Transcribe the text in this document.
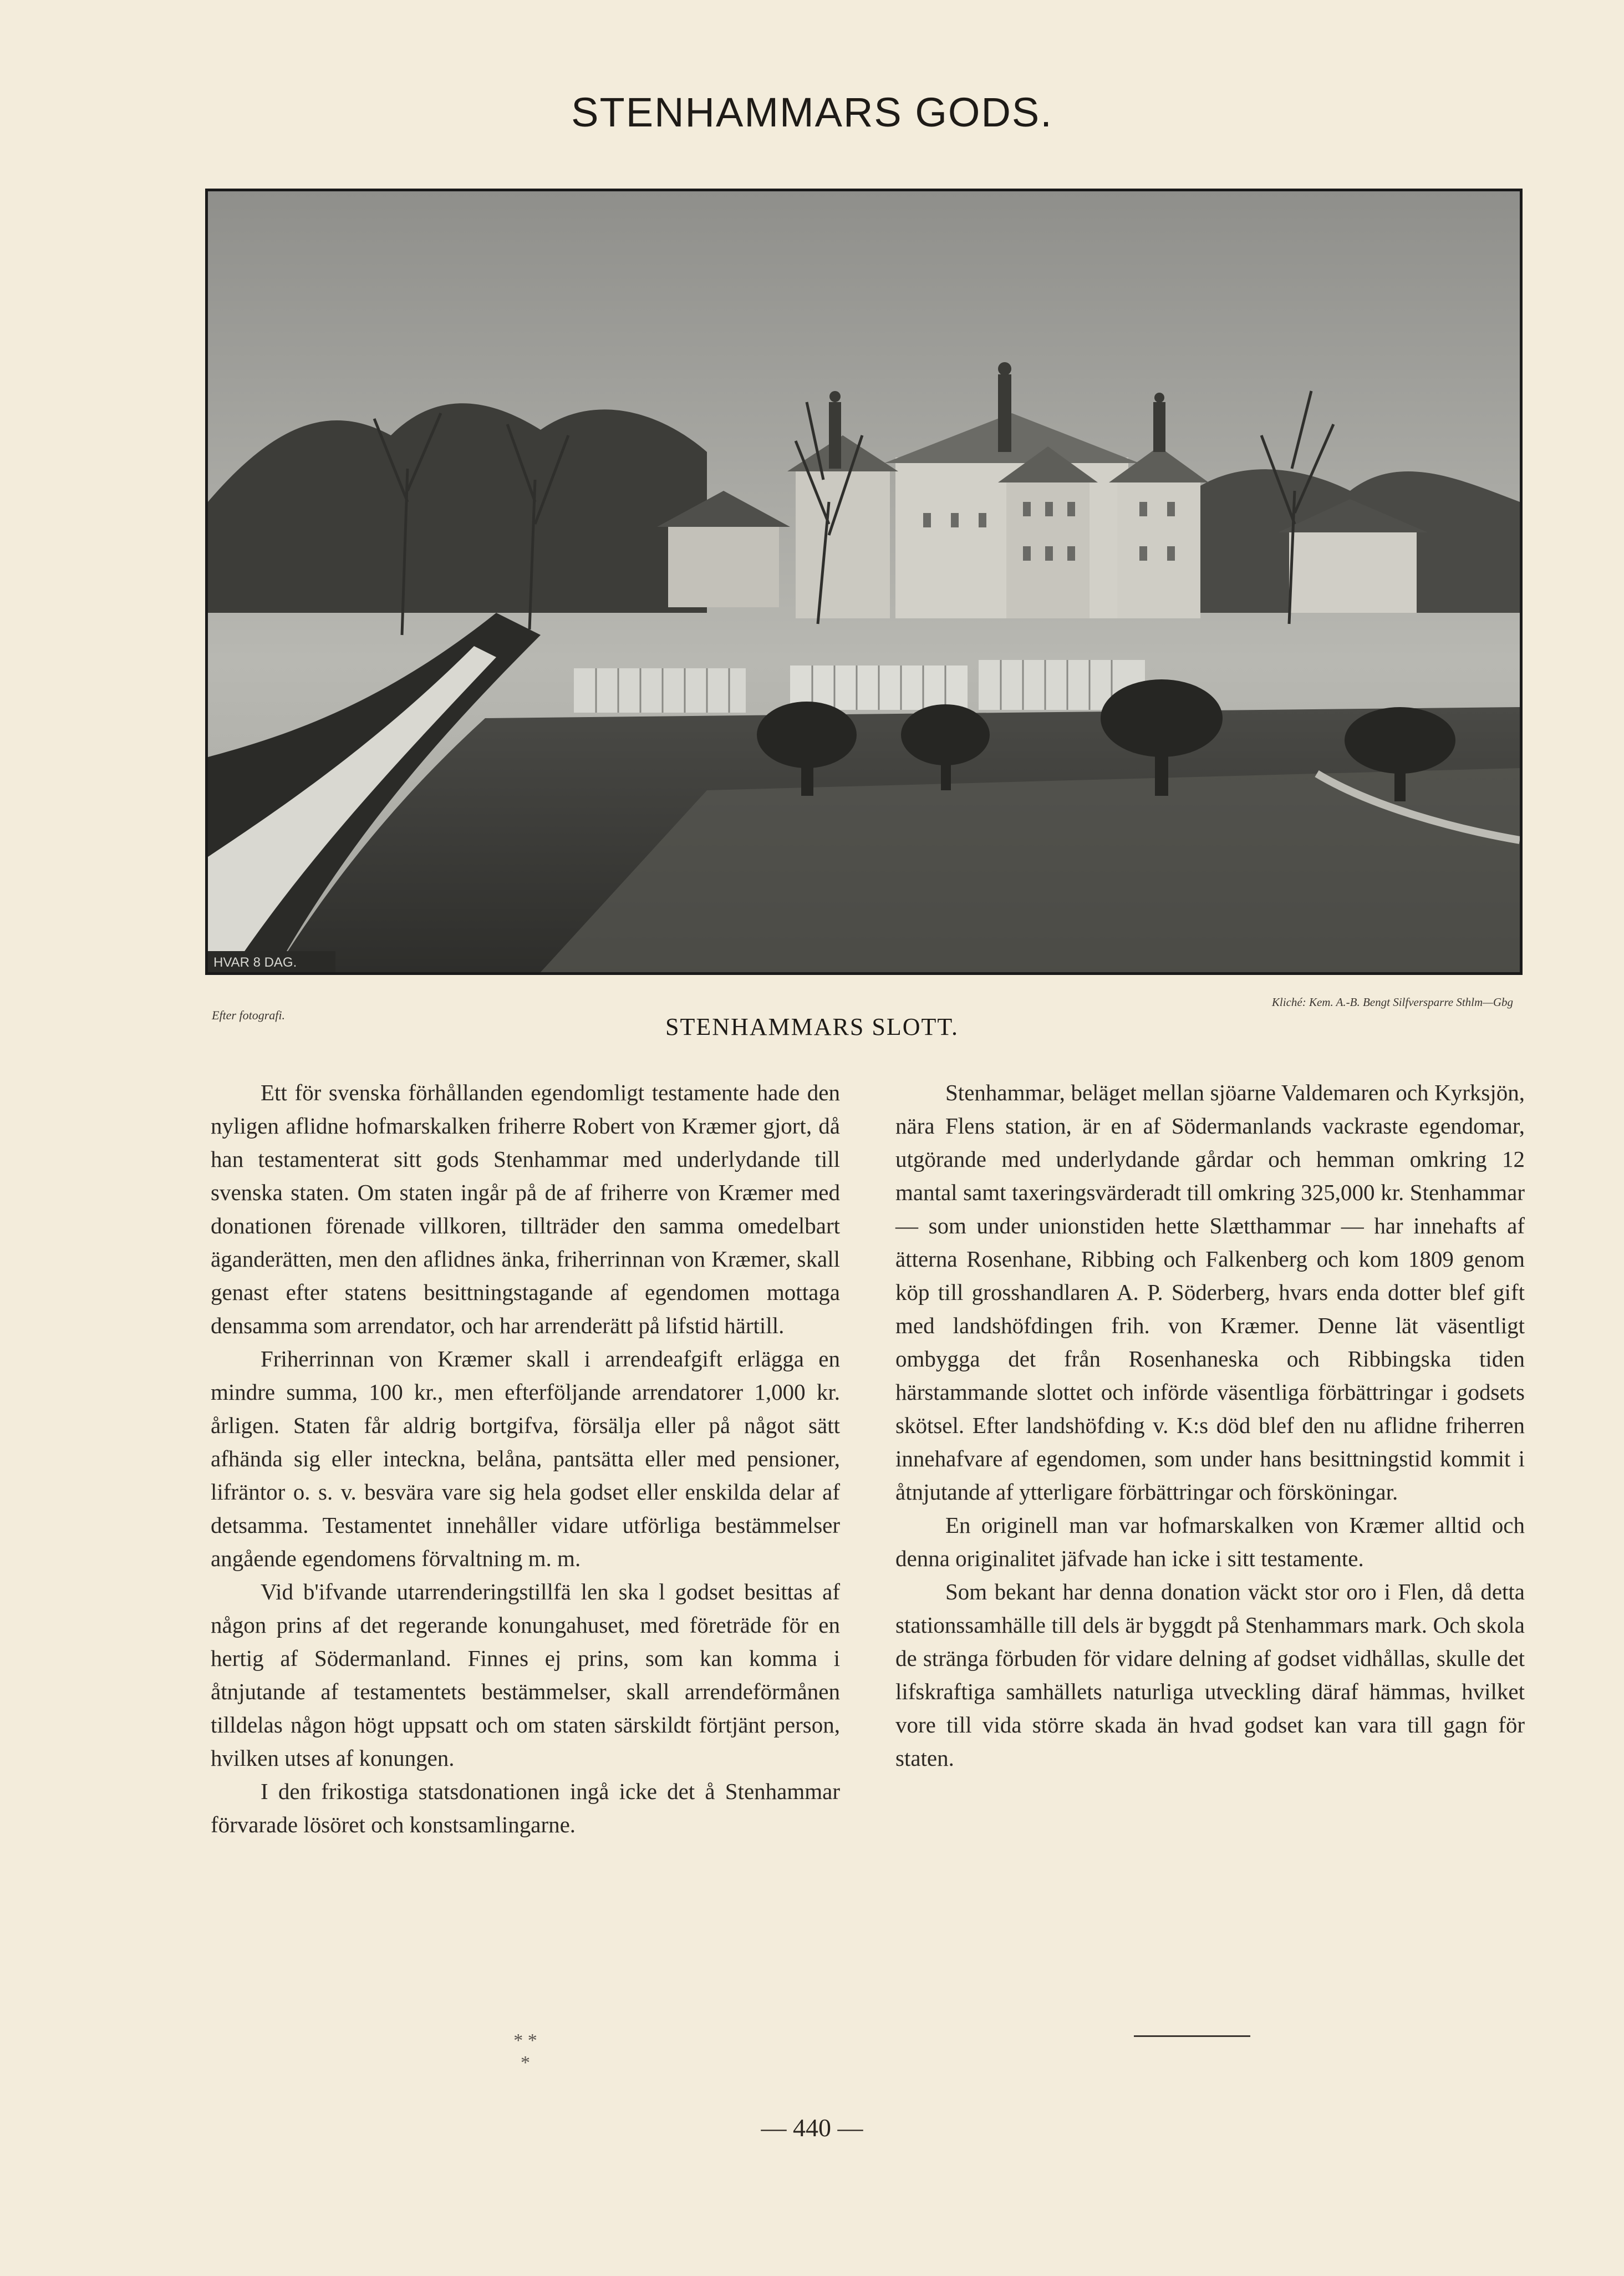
STENHAMMARS GODS.
HVAR 8 DAG.
Efter fotografi.
Kliché: Kem. A.-B. Bengt Silfversparre Sthlm—Gbg
STENHAMMARS SLOTT.

Ett för svenska förhållanden egendomligt testamente hade den nyligen aflidne hofmarskalken friherre Robert von Kræmer gjort, då han testamenterat sitt gods Stenhammar med underlydande till svenska staten. Om staten ingår på de af friherre von Kræmer med donationen förenade villkoren, tillträder den samma omedelbart äganderätten, men den aflidnes änka, friherrinnan von Kræmer, skall genast efter statens besittningstagande af egendomen mottaga densamma som arrendator, och har arrenderätt på lifstid härtill.

Friherrinnan von Kræmer skall i arrendeafgift erlägga en mindre summa, 100 kr., men efterföljande arrendatorer 1,000 kr. årligen. Staten får aldrig bortgifva, försälja eller på något sätt afhända sig eller inteckna, belåna, pantsätta eller med pensioner, lifräntor o. s. v. besvära vare sig hela godset eller enskilda delar af detsamma. Testamentet innehåller vidare utförliga bestämmelser angående egendomens förvaltning m. m.

Vid b'ifvande utarrenderingstillfä len ska l godset besittas af någon prins af det regerande konungahuset, med företräde för en hertig af Södermanland. Finnes ej prins, som kan komma i åtnjutande af testamentets bestämmelser, skall arrendeförmånen tilldelas någon högt uppsatt och om staten särskildt förtjänt person, hvilken utses af konungen.

I den frikostiga statsdonationen ingå icke det å Stenhammar förvarade lösöret och konstsamlingarne.

* *
*

Stenhammar, beläget mellan sjöarne Valdemaren och Kyrksjön, nära Flens station, är en af Södermanlands vackraste egendomar, utgörande med underlydande gårdar och hemman omkring 12 mantal samt taxeringsvärderadt till omkring 325,000 kr. Stenhammar — som under unionstiden hette Slætthammar — har innehafts af ätterna Rosenhane, Ribbing och Falkenberg och kom 1809 genom köp till grosshandlaren A. P. Söderberg, hvars enda dotter blef gift med landshöfdingen frih. von Kræmer. Denne lät väsentligt ombygga det från Rosenhaneska och Ribbingska tiden härstammande slottet och införde väsentliga förbättringar i godsets skötsel. Efter landshöfding v. K:s död blef den nu aflidne friherren innehafvare af egendomen, som under hans besittningstid kommit i åtnjutande af ytterligare förbättringar och försköningar.

En originell man var hofmarskalken von Kræmer alltid och denna originalitet jäfvade han icke i sitt testamente.

Som bekant har denna donation väckt stor oro i Flen, då detta stationssamhälle till dels är byggdt på Stenhammars mark. Och skola de stränga förbuden för vidare delning af godset vidhållas, skulle det lifskraftiga samhällets naturliga utveckling däraf hämmas, hvilket vore till vida större skada än hvad godset kan vara till gagn för staten.

— 440 —
